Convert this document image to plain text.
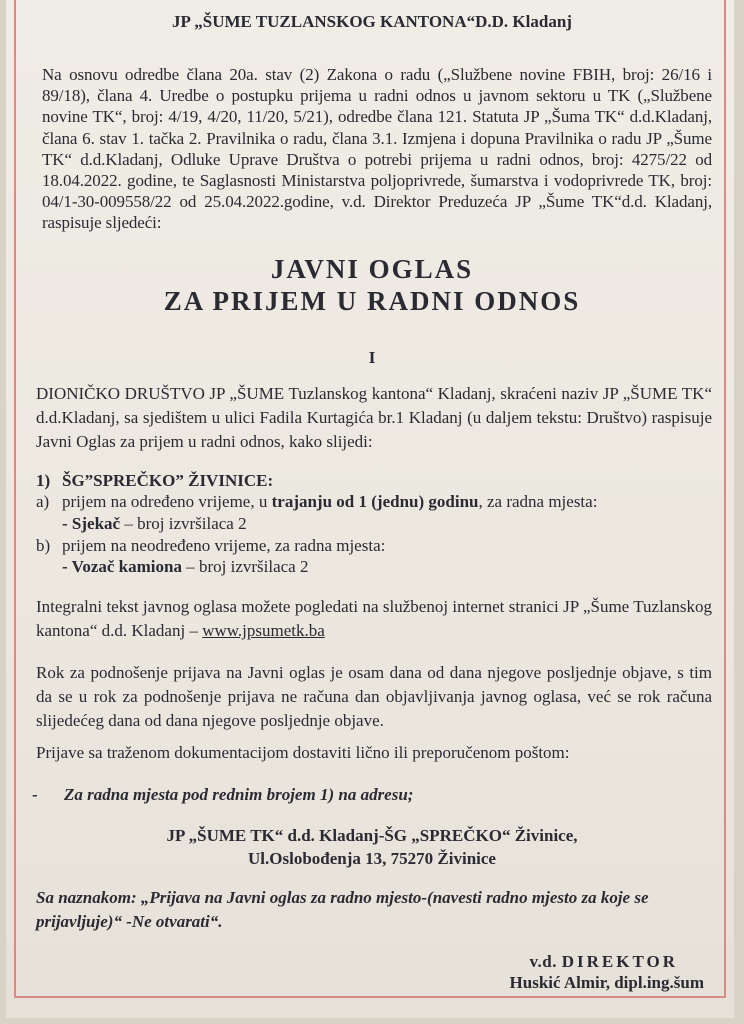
JP „ŠUME TUZLANSKOG KANTONA“D.D. Kladanj

Na osnovu odredbe člana 20a. stav (2) Zakona o radu („Službene novine FBIH, broj: 26/16 i 89/18), člana 4. Uredbe o postupku prijema u radni odnos u javnom sektoru u TK („Službene novine TK“, broj: 4/19, 4/20, 11/20, 5/21), odredbe člana 121. Statuta JP „Šuma TK“ d.d.Kladanj, člana 6. stav 1. tačka 2. Pravilnika o radu, člana 3.1. Izmjena i dopuna Pravilnika o radu JP „Šume TK“ d.d.Kladanj, Odluke Uprave Društva o potrebi prijema u radni odnos, broj: 4275/22 od 18.04.2022. godine, te Saglasnosti Ministarstva poljoprivrede, šumarstva i vodoprivrede TK, broj: 04/1-30-009558/22 od 25.04.2022.godine, v.d. Direktor Preduzeća JP „Šume TK“d.d. Kladanj, raspisuje sljedeći:

JAVNI OGLAS

ZA PRIJEM U RADNI ODNOS

I

DIONIČKO DRUŠTVO JP „ŠUME Tuzlanskog kantona“ Kladanj, skraćeni naziv JP „ŠUME TK“ d.d.Kladanj, sa sjedištem u ulici Fadila Kurtagića br.1 Kladanj (u daljem tekstu: Društvo) raspisuje Javni Oglas za prijem u radni odnos, kako slijedi:

1) ŠG”SPREČKO” ŽIVINICE:

a) prijem na određeno vrijeme, u trajanju od 1 (jednu) godinu, za radna mjesta:

- Sjekač – broj izvršilaca 2

b) prijem na neodređeno vrijeme, za radna mjesta:

- Vozač kamiona – broj izvršilaca 2

Integralni tekst javnog oglasa možete pogledati na službenoj internet stranici JP „Šume Tuzlanskog kantona“ d.d. Kladanj – www.jpsumetk.ba

Rok za podnošenje prijava na Javni oglas je osam dana od dana njegove posljednje objave, s tim da se u rok za podnošenje prijava ne računa dan objavljivanja javnog oglasa, već se rok računa slijedećeg dana od dana njegove posljednje objave.

Prijave sa traženom dokumentacijom dostaviti lično ili preporučenom poštom:

- Za radna mjesta pod rednim brojem 1) na adresu;

JP „ŠUME TK“ d.d. Kladanj-ŠG „SPREČKO“ Živinice,

Ul.Oslobođenja 13, 75270 Živinice

Sa naznakom: „Prijava na Javni oglas za radno mjesto-(navesti radno mjesto za koje se prijavljuje)“ -Ne otvarati“.

v.d. DIREKTOR

Huskić Almir, dipl.ing.šum
